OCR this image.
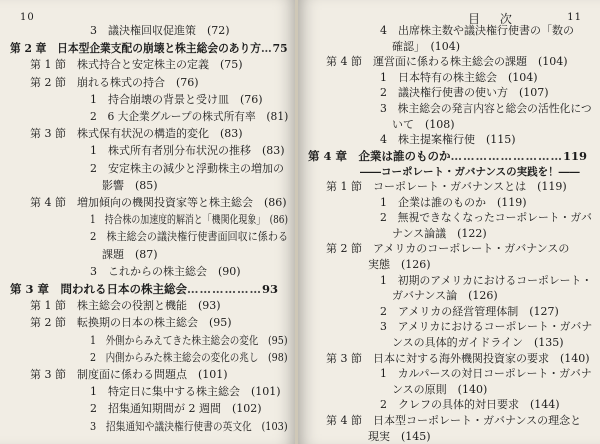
10
3　議決権回収促進策　(72)
第 2 章　日本型企業支配の崩壊と株主総会のあり方…75
第 1 節　株式持合と安定株主の定義　(75)
第 2 節　崩れる株式の持合　(76)
1　持合崩壊の背景と受け皿　(76)
2　6 大企業グループの株式所有率　(81)
第 3 節　株式保有状況の構造的変化　(83)
1　株式所有者別分布状況の推移　(83)
2　安定株主の減少と浮動株主の増加の
影響　(85)
第 4 節　増加傾向の機関投資家等と株主総会　(86)
1　持合株の加速度的解消と「機関化現象」　(86)
2　株主総会の議決権行使書面回収に係わる
課題　(87)
3　これからの株主総会　(90)
第 3 章　問われる日本の株主総会………………93
第 1 節　株主総会の役割と機能　(93)
第 2 節　転換期の日本の株主総会　(95)
1　外側からみえてきた株主総会の変化　(95)
2　内側からみた株主総会の変化の兆し　(98)
第 3 節　制度面に係わる問題点　(101)
1　特定日に集中する株主総会　(101)
2　招集通知期間が 2 週間　(102)
3　招集通知や議決権行使書の英文化　(103)
目 次	11
4　出席株主数や議決権行使書の「数の
確認」　(104)
第 4 節　運営面に係わる株主総会の課題　(104)
1　日本特有の株主総会　(104)
2　議決権行使書の使い方　(107)
3　株主総会の発言内容と総会の活性化につ
いて　(108)
4　株主提案権行使　(115)
第 4 章　企業は誰のものか………………………119
――コーポレート・ガバナンスの実践を！――
第 1 節　コーポレート・ガバナンスとは　(119)
1　企業は誰のものか　(119)
2　無視できなくなったコーポレート・ガバ
ナンス論議　(122)
第 2 節　アメリカのコーポレート・ガバナンスの
実態　(126)
1　初期のアメリカにおけるコーポレート・
ガバナンス論　(126)
2　アメリカの経営管理体制　(127)
3　アメリカにおけるコーポレート・ガバナ
ンスの具体的ガイドライン　(135)
第 3 節　日本に対する海外機関投資家の要求　(140)
1　カルパースの対日コーポレート・ガバナ
ンスの原則　(140)
2　クレフの具体的対日要求　(144)
第 4 節　日本型コーポレート・ガバナンスの理念と
現実　(145)
